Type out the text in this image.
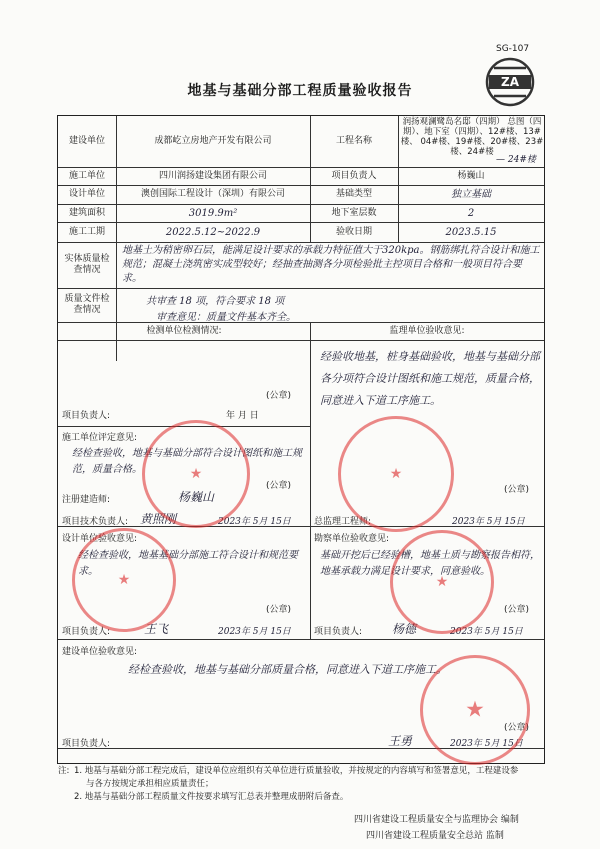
SG-107
ZA
地基与基础分部工程质量验收报告
建设单位	成都屹立房地产开发有限公司	工程名称
润扬观澜鹭岛名邸（四期） 总图（四期）、地下室（四期）、12#楼、13#楼、 04#楼、19#楼、20#楼、23#楼、24#楼
— 24#楼
施工单位	四川润扬建设集团有限公司	项目负责人	杨巍山
设计单位	澳创国际工程设计（深圳）有限公司	基础类型	独立基础
建筑面积	3019.9m²	地下室层数	2
施工工期	2022.5.12~2022.9	验收日期	2023.5.15
实体质量检查情况
地基土为稍密卵石层，能满足设计要求的承载力特征值大于320kpa。钢筋绑扎符合设计和施工规范；混凝土浇筑密实成型较好；经抽查抽测各分项检验批主控项目合格和一般项目符合要求。
质量文件检查情况
共审查 18 项，符合要求 18 项
审查意见：质量文件基本齐全。
检测单位检测情况:	监理单位验收意见:
(公章)
项目负责人:	年 月 日
经验收地基，桩身基础验收，地基与基础分部各分项符合设计图纸和施工规范，质量合格，同意进入下道工序施工。
(公章)
总监理工程师:	2023年 5月 15日
施工单位评定意见:
经检查验收，地基与基础分部符合设计图纸和施工规范，质量合格。
(公章)
注册建造师:	杨巍山
项目技术负责人: 黄照刚	2023年 5月 15日
设计单位验收意见:
经检查验收，地基基础分部施工符合设计和规范要求。
(公章)
项目负责人:	王飞	2023年 5月 15日
勘察单位验收意见:
基础开挖后已经验槽，地基土质与勘察报告相符，地基承载力满足设计要求，同意验收。
(公章)
项目负责人: 杨德	2023年 5月 15日
建设单位验收意见:
经检查验收，地基与基础分部质量合格，同意进入下道工序施工。
(公章)
项目负责人:	王勇	2023年 5月 15日
★	★
★	★
★
注: 1. 地基与基础分部工程完成后，建设单位应组织有关单位进行质量验收，并按规定的内容填写和签署意见，工程建设参
与各方按规定承担相应质量责任；
2. 地基与基础分部工程质量文件按要求填写汇总表并整理成册附后备查。
四川省建设工程质量安全与监理协会 编制
四川省建设工程质量安全总站 监制
